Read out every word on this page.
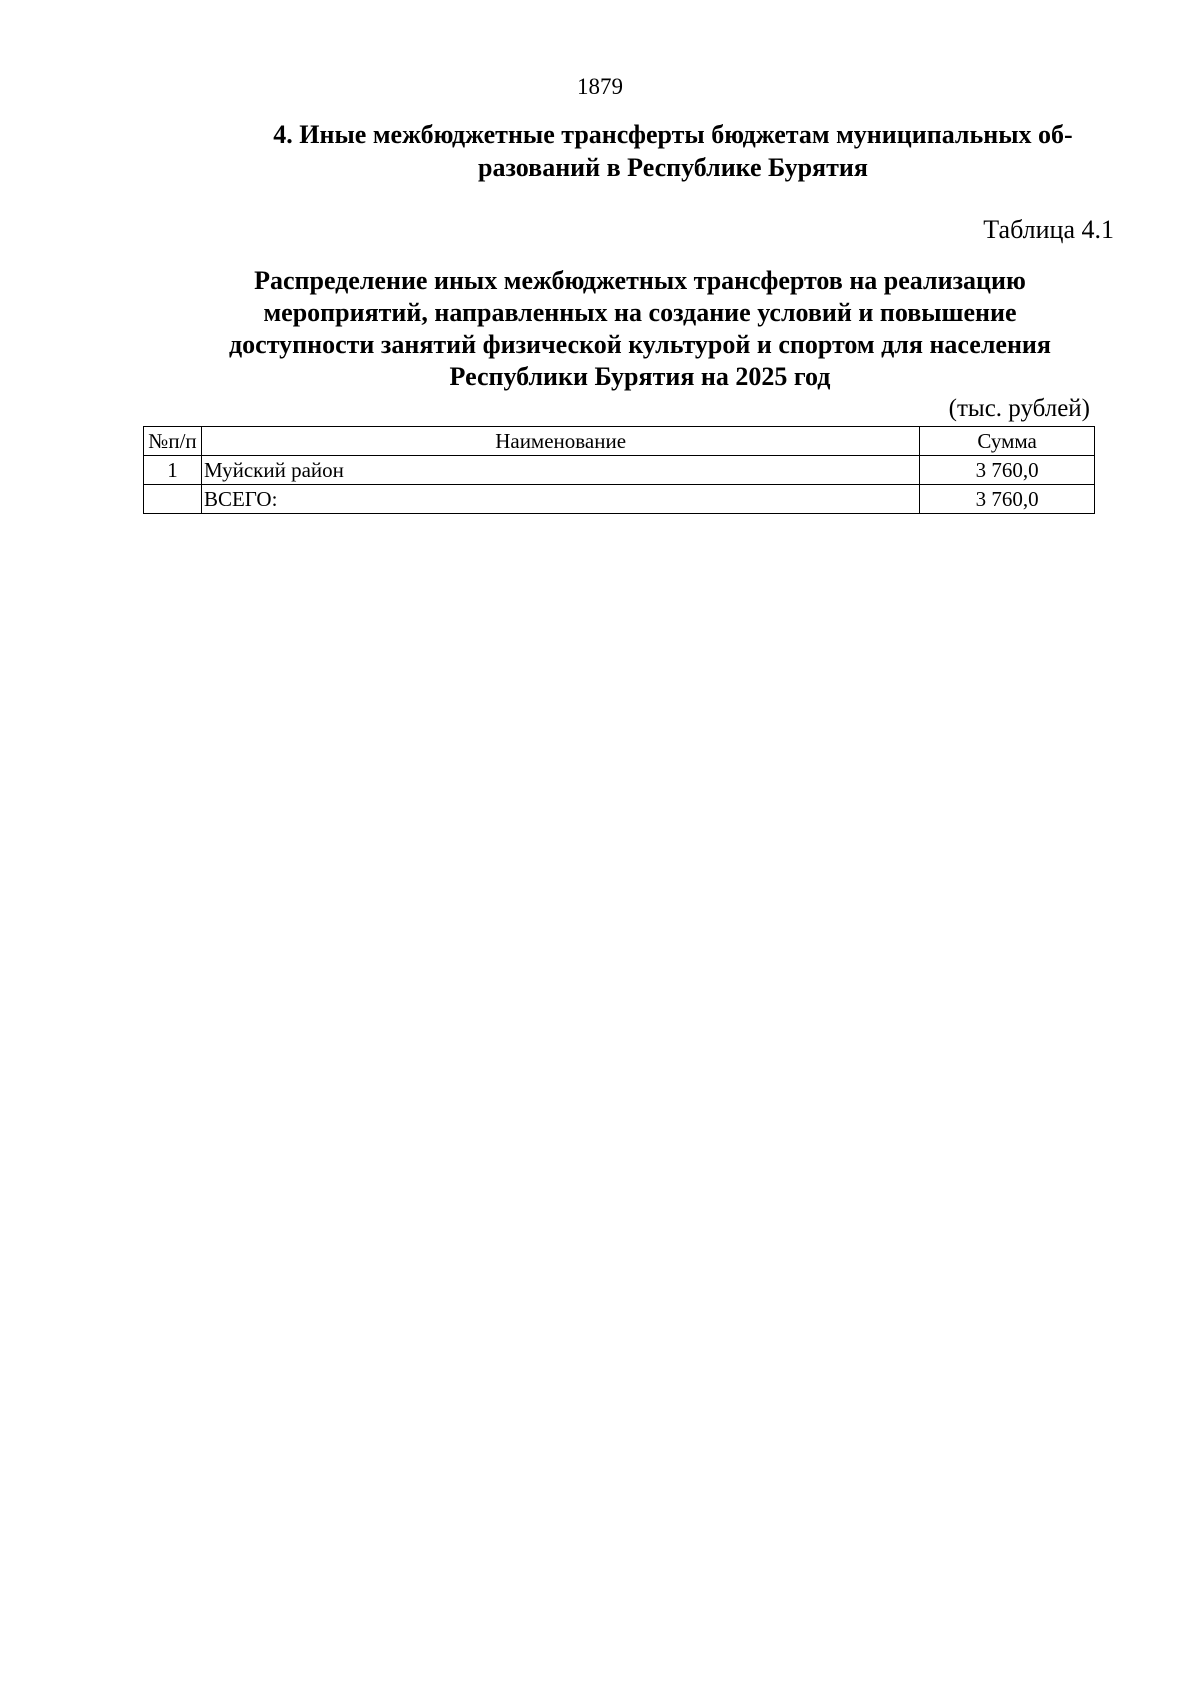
1879
4. Иные межбюджетные трансферты бюджетам муниципальных об-
разований в Республике Бурятия
Таблица 4.1
Распределение иных межбюджетных трансфертов на реализацию
мероприятий, направленных на создание условий и повышение
доступности занятий физической культурой и спортом для населения
Республики Бурятия на 2025 год
(тыс. рублей)
№п/п	Наименование	Сумма
1	Муйский район	3 760,0
	ВСЕГО:	3 760,0
